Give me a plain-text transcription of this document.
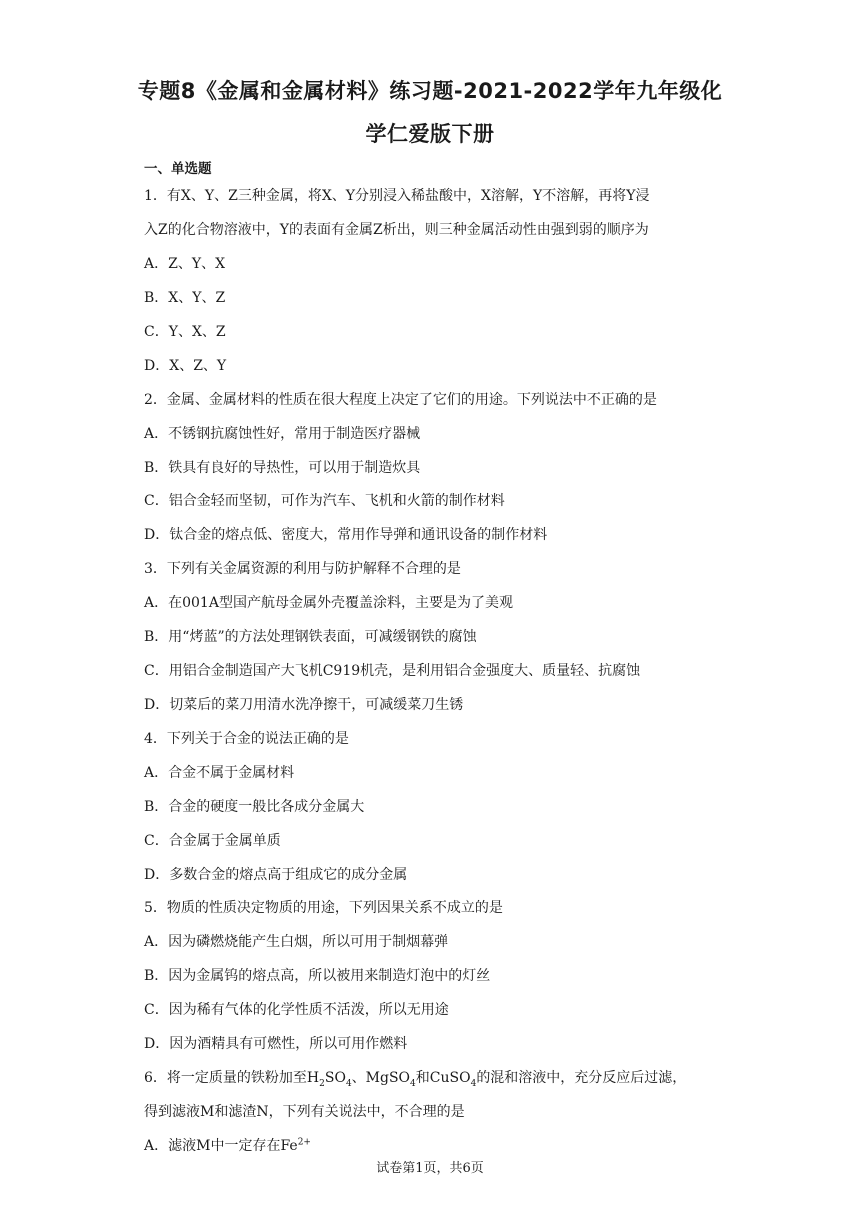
专题8《金属和金属材料》练习题-2021-2022学年九年级化
学仁爱版下册
一、单选题
1．有X、Y、Z三种金属，将X、Y分别浸入稀盐酸中，X溶解，Y不溶解，再将Y浸
入Z的化合物溶液中，Y的表面有金属Z析出，则三种金属活动性由强到弱的顺序为
A．Z、Y、X
B．X、Y、Z
C．Y、X、Z
D．X、Z、Y
2．金属、金属材料的性质在很大程度上决定了它们的用途。下列说法中不正确的是
A．不锈钢抗腐蚀性好，常用于制造医疗器械
B．铁具有良好的导热性，可以用于制造炊具
C．铝合金轻而坚韧，可作为汽车、飞机和火箭的制作材料
D．钛合金的熔点低、密度大，常用作导弹和通讯设备的制作材料
3．下列有关金属资源的利用与防护解释不合理的是
A．在001A型国产航母金属外壳覆盖涂料，主要是为了美观
B．用“烤蓝”的方法处理钢铁表面，可减缓钢铁的腐蚀
C．用铝合金制造国产大飞机C919机壳，是利用铝合金强度大、质量轻、抗腐蚀
D．切菜后的菜刀用清水洗净擦干，可减缓菜刀生锈
4．下列关于合金的说法正确的是
A．合金不属于金属材料
B．合金的硬度一般比各成分金属大
C．合金属于金属单质
D．多数合金的熔点高于组成它的成分金属
5．物质的性质决定物质的用途，下列因果关系不成立的是
A．因为磷燃烧能产生白烟，所以可用于制烟幕弹
B．因为金属钨的熔点高，所以被用来制造灯泡中的灯丝
C．因为稀有气体的化学性质不活泼，所以无用途
D．因为酒精具有可燃性，所以可用作燃料
6．将一定质量的铁粉加至$H_2SO_4$、MgSO$_4$和CuSO$_4$的混和溶液中，充分反应后过滤，
得到滤液M和滤渣N，下列有关说法中，不合理的是
A．滤液M中一定存在$Fe^{2+}$
试卷第1页，共6页
